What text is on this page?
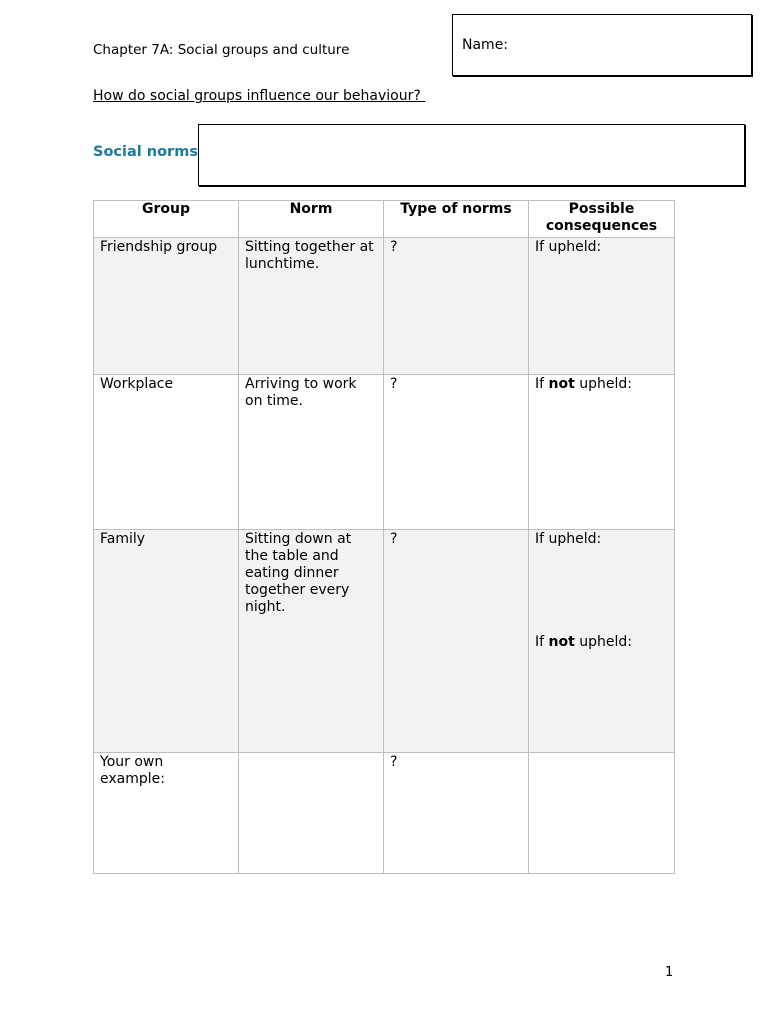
Chapter 7A: Social groups and culture	Name:
How do social groups influence our behaviour?
Social norms
Group	Norm	Type of norms	Possible consequences
Friendship group	Sitting together at lunchtime.	?	If upheld:
Workplace	Arriving to work on time.	?	If not upheld:
Family	Sitting down at the table and eating dinner together every night.	?	If upheld:
If not upheld:
Your own example:		?	
1
